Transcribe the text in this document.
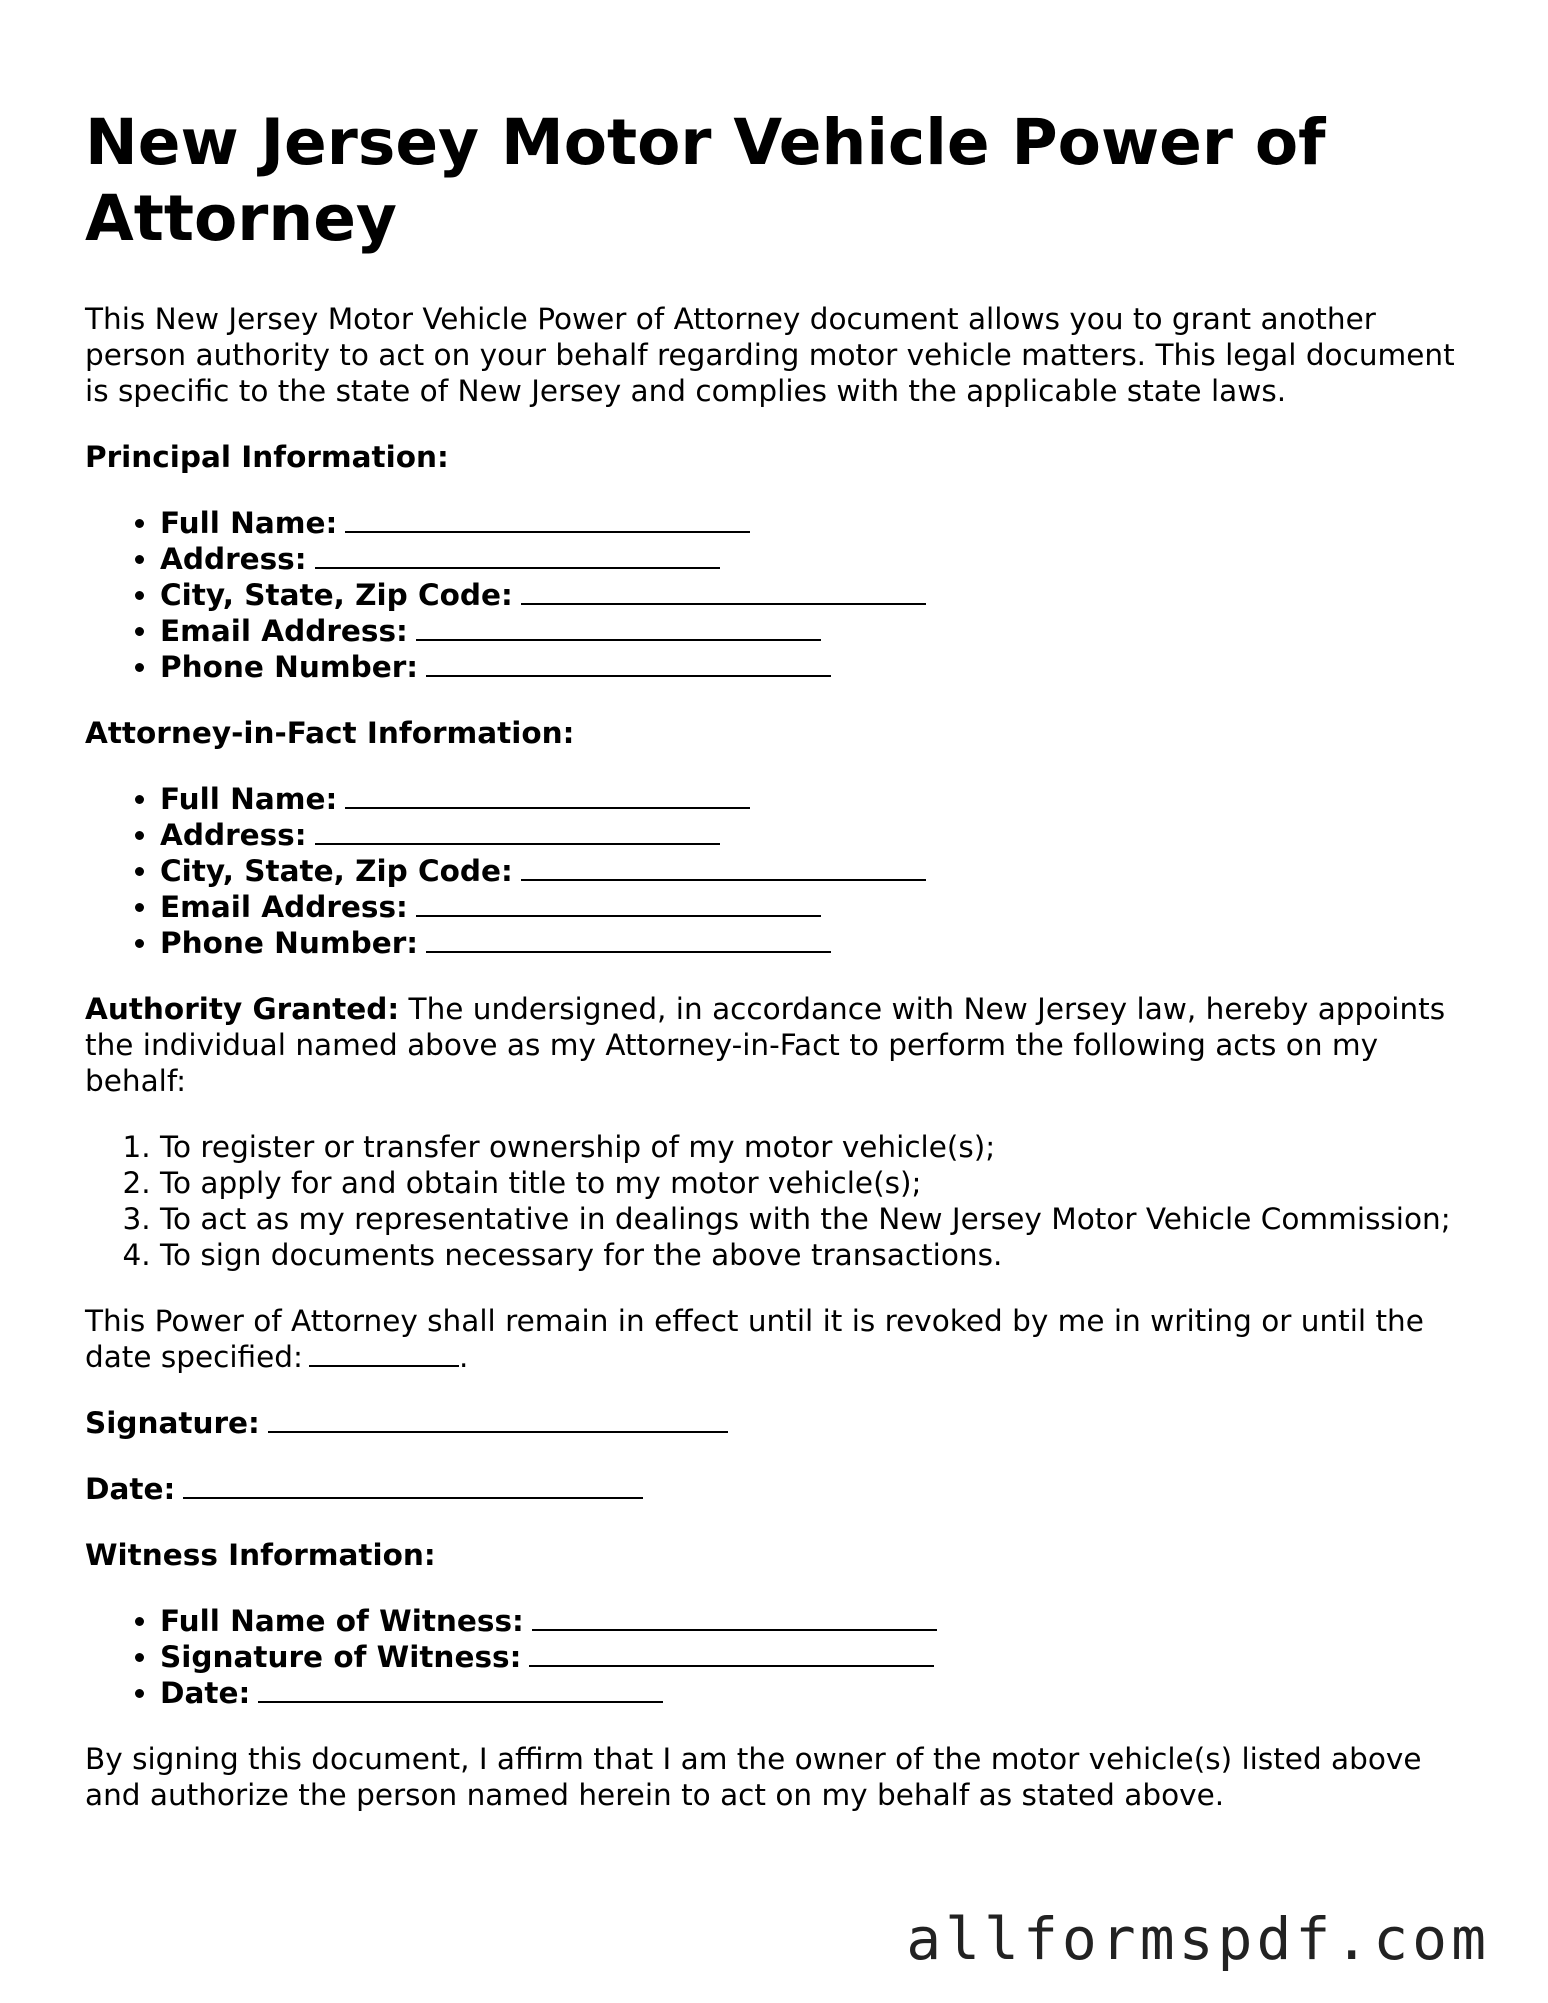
New Jersey Motor Vehicle Power of Attorney

This New Jersey Motor Vehicle Power of Attorney document allows you to grant another person authority to act on your behalf regarding motor vehicle matters. This legal document is specific to the state of New Jersey and complies with the applicable state laws.

Principal Information:
• Full Name:
• Address:
• City, State, Zip Code:
• Email Address:
• Phone Number:
Attorney-in-Fact Information:
• Full Name:
• Address:
• City, State, Zip Code:
• Email Address:
• Phone Number:

Authority Granted: The undersigned, in accordance with New Jersey law, hereby appoints the individual named above as my Attorney-in-Fact to perform the following acts on my behalf:

1. To register or transfer ownership of my motor vehicle(s);
2. To apply for and obtain title to my motor vehicle(s);
3. To act as my representative in dealings with the New Jersey Motor Vehicle Commission;
4. To sign documents necessary for the above transactions.

This Power of Attorney shall remain in effect until it is revoked by me in writing or until the date specified:	.

Signature:

Date:

Witness Information:
• Full Name of Witness:
• Signature of Witness:
• Date:

By signing this document, I affirm that I am the owner of the motor vehicle(s) listed above and authorize the person named herein to act on my behalf as stated above.

allformspdf.com
